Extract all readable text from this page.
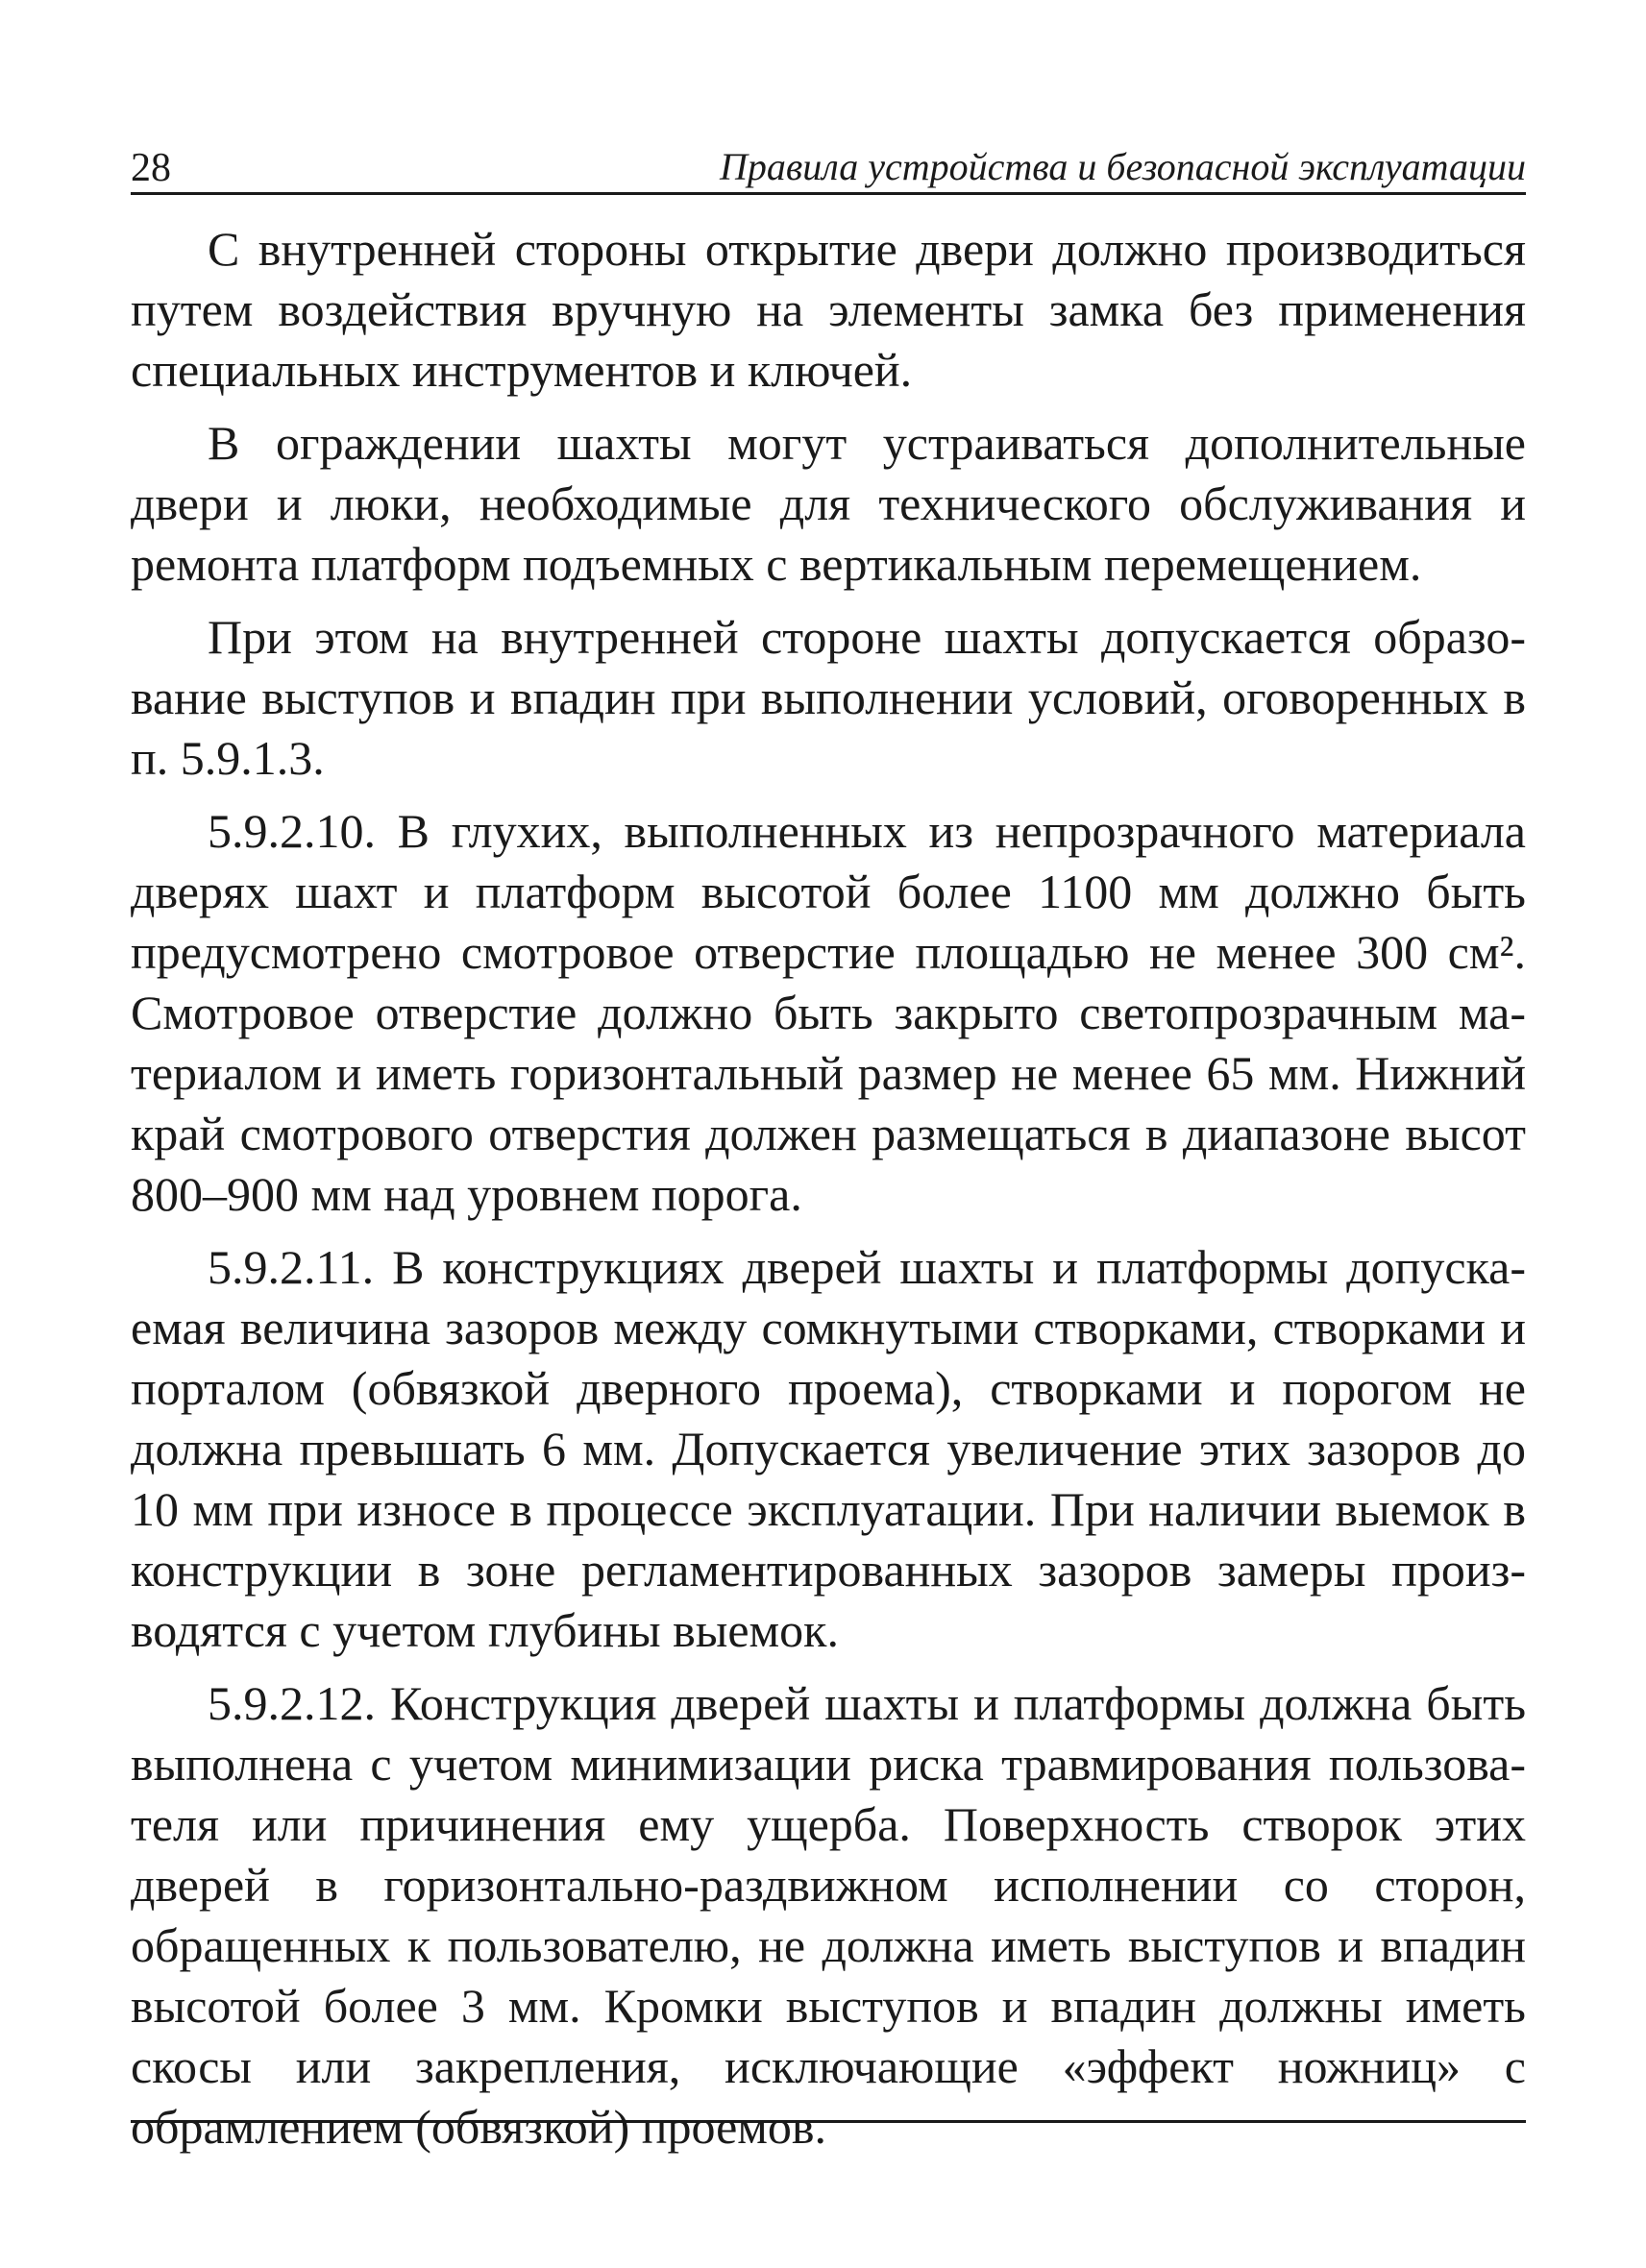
28	Правила устройства и безопасной эксплуатации

С внутренней стороны открытие двери должно производиться путем воздействия вручную на элементы замка без применения специальных инструментов и ключей.

В ограждении шахты могут устраиваться дополнительные двери и люки, необходимые для технического обслуживания и ремонта платформ подъемных с вертикальным перемещением.

При этом на внутренней стороне шахты допускается образование выступов и впадин при выполнении условий, оговоренных в п. 5.9.1.3.

5.9.2.10. В глухих, выполненных из непрозрачного материала дверях шахт и платформ высотой более 1100 мм должно быть предусмотрено смотровое отверстие площадью не менее 300 см². Смотровое отверстие должно быть закрыто светопрозрачным материалом и иметь горизонтальный размер не менее 65 мм. Нижний край смотрового отверстия должен размещаться в диапазоне высот 800–900 мм над уровнем порога.

5.9.2.11. В конструкциях дверей шахты и платформы допускаемая величина зазоров между сомкнутыми створками, створками и порталом (обвязкой дверного проема), створками и порогом не должна превышать 6 мм. Допускается увеличение этих зазоров до 10 мм при износе в процессе эксплуатации. При наличии выемок в конструкции в зоне регламентированных зазоров замеры производятся с учетом глубины выемок.

5.9.2.12. Конструкция дверей шахты и платформы должна быть выполнена с учетом минимизации риска травмирования пользователя или причинения ему ущерба. Поверхность створок этих дверей в горизонтально-раздвижном исполнении со сторон, обращенных к пользователю, не должна иметь выступов и впадин высотой более 3 мм. Кромки выступов и впадин должны иметь скосы или закрепления, исключающие «эффект ножниц» с обрамлением (обвязкой) проемов.
